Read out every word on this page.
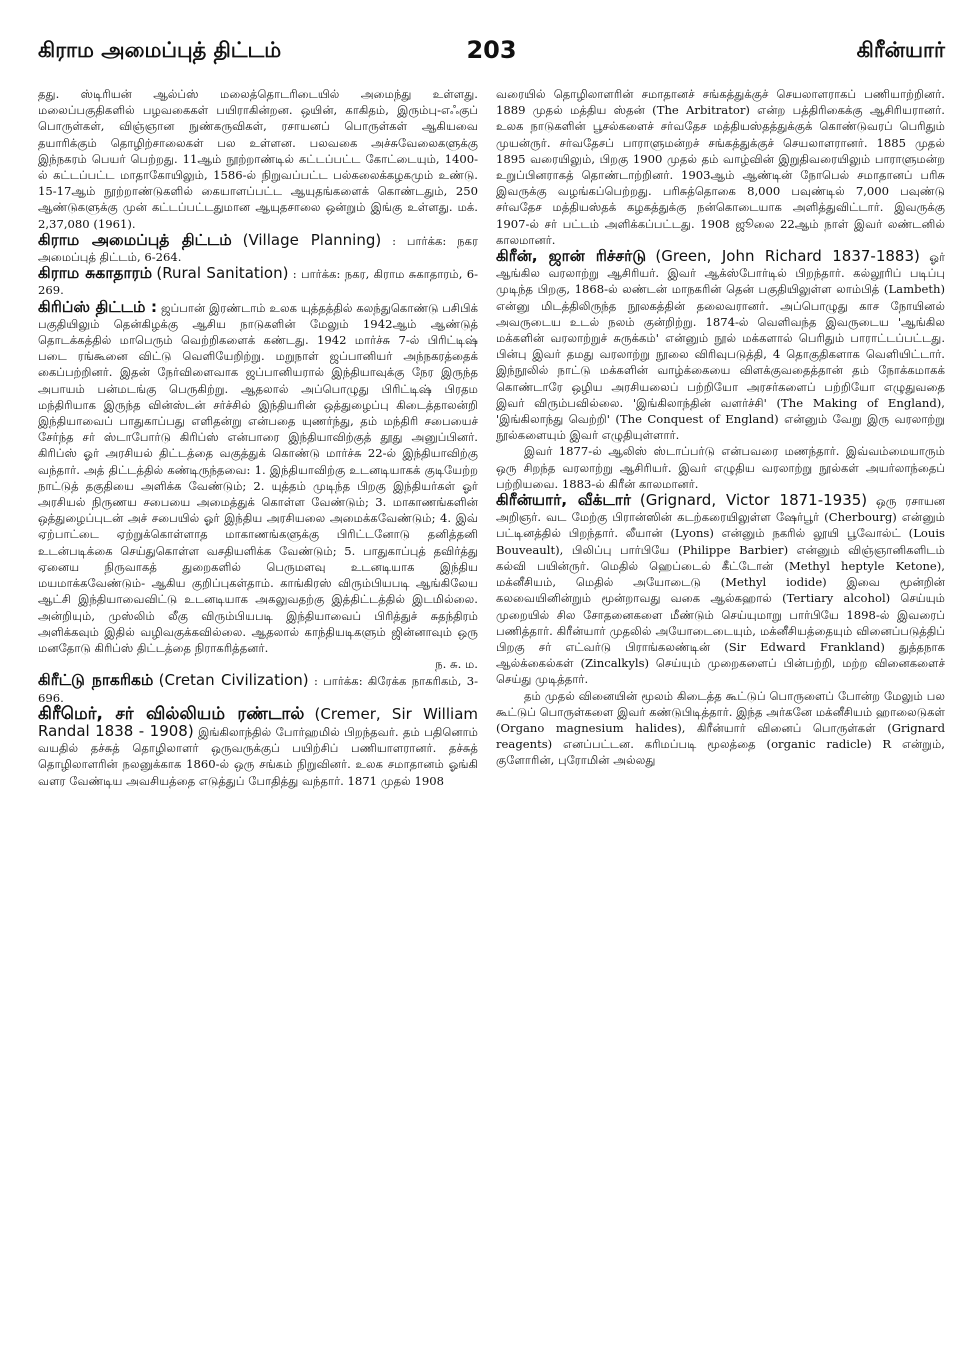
கிராம அமைப்புத் திட்டம்	203	கிரீன்யார்

தது. ஸ்டிரியன் ஆல்ப்ஸ் மலைத்தொடரிடையில் அமைந்து உள்ளது. மலைப்பகுதிகளில் பழவகைகள் பயிராகின்றன. ஒயின், காகிதம், இரும்பு-எஃகுப் பொருள்கள், விஞ்ஞான நுண்கருவிகள், ரசாயனப் பொருள்கள் ஆகியவை தயாரிக்கும் தொழிற்சாலைகள் பல உள்ளன. பலவகை அச்சுவேலைகளுக்கு இந்நகரம் பெயர் பெற்றது. 11ஆம் நூற்றாண்டில் கட்டப்பட்ட கோட்டையும், 1400-ல் கட்டப்பட்ட மாதாகோயிலும், 1586-ல் நிறுவப்பட்ட பல்கலைக்கழகமும் உண்டு. 15-17ஆம் நூற்றாண்டுகளில் கையாளப்பட்ட ஆயுதங்களைக் கொண்டதும், 250 ஆண்டுகளுக்கு முன் கட்டப்பட்டதுமான ஆயுதசாலை ஒன்றும் இங்கு உள்ளது. மக். 2,37,080 (1961).

கிராம அமைப்புத் திட்டம் (Village Planning) : பார்க்க: நகர அமைப்புத் திட்டம், 6-264.

கிராம சுகாதாரம் (Rural Sanitation) : பார்க்க: நகர, கிராம சுகாதாரம், 6-269.

கிரிப்ஸ் திட்டம் : ஜப்பான் இரண்டாம் உலக யுத்தத்தில் கலந்துகொண்டு பசிபிக் பகுதியிலும் தென்கிழக்கு ஆசிய நாடுகளின் மேலும் 1942ஆம் ஆண்டுத் தொடக்கத்தில் மாபெரும் வெற்றிகளைக் கண்டது. 1942 மார்ச்சு 7-ல் பிரிட்டிஷ் படை ரங்கூனை விட்டு வெளியேறிற்று. மறுநாள் ஜப்பானியர் அந்நகரத்தைக் கைப்பற்றினர். இதன் நேர்விளைவாக ஜப்பானியரால் இந்தியாவுக்கு நேர இருந்த அபாயம் பன்மடங்கு பெருகிற்று. ஆதலால் அப்பொழுது பிரிட்டிஷ் பிரதம மந்திரியாக இருந்த வின்ஸ்டன் சர்ச்சில் இந்தியரின் ஒத்துழைப்பு கிடைத்தாலன்றி இந்தியாவைப் பாதுகாப்பது எளிதன்று என்பதை யுணர்ந்து, தம் மந்திரி சபையைச் சேர்ந்த சர் ஸ்டாபோர்டு கிரிப்ஸ் என்பாரை இந்தியாவிற்குத் தூது அனுப்பினர். கிரிப்ஸ் ஓர் அரசியல் திட்டத்தை வகுத்துக் கொண்டு மார்ச்சு 22-ல் இந்தியாவிற்கு வந்தார். அத் திட்டத்தில் கண்டிருந்தவை: 1. இந்தியாவிற்கு உடனடியாகக் குடியேற்ற நாட்டுத் தகுதியை அளிக்க வேண்டும்; 2. யுத்தம் முடிந்த பிறகு இந்தியர்கள் ஓர் அரசியல் நிருணய சபையை அமைத்துக் கொள்ள வேண்டும்; 3. மாகாணங்களின் ஒத்துழைப்புடன் அச் சபையில் ஓர் இந்திய அரசியலை அமைக்கவேண்டும்; 4. இவ் ஏற்பாட்டை ஏற்றுக்கொள்ளாத மாகாணங்களுக்கு பிரிட்டனோடு தனித்தனி உடன்படிக்கை செய்துகொள்ள வசதியளிக்க வேண்டும்; 5. பாதுகாப்புத் தவிர்த்து ஏனைய நிருவாகத் துறைகளில் பெருமளவு உடனடியாக இந்திய மயமாக்கவேண்டும்- ஆகிய குறிப்புகள்தாம். காங்கிரஸ் விரும்பியபடி ஆங்கிலேய ஆட்சி இந்தியாவைவிட்டு உடனடியாக அகலுவதற்கு இத்திட்டத்தில் இடமில்லை. அன்றியும், முஸ்லிம் லீகு விரும்பியபடி இந்தியாவைப் பிரித்துச் சுதந்திரம் அளிக்கவும் இதில் வழிவகுக்கவில்லை. ஆதலால் காந்தியடிகளும் ஜின்னாவும் ஒரு மனதோடு கிரிப்ஸ் திட்டத்தை நிராகரித்தனர்.

ந. சு. ம.

கிரீட்டு நாகரிகம் (Cretan Civilization) : பார்க்க: கிரேக்க நாகரிகம், 3-696.

கிரீமெர், சர் வில்லியம் ரண்டால் (Cremer, Sir William Randal 1838 - 1908) இங்கிலாந்தில் போர்ஹமில் பிறந்தவர். தம் பதினொம் வயதில் தச்சுத் தொழிலாளர் ஒருவருக்குப் பயிற்சிப் பணியாளரானர். தச்சுத் தொழிலாளரின் நலனுக்காக 1860-ல் ஒரு சங்கம் நிறுவினர். உலக சமாதானம் ஓங்கி வளர வேண்டிய அவசியத்தை எடுத்துப் போதித்து வந்தார். 1871 முதல் 1908

வரையில் தொழிலாளரின் சமாதானச் சங்கத்துக்குச் செயலாளராகப் பணியாற்றினர். 1889 முதல் மத்திய ஸ்தன் (The Arbitrator) என்ற பத்திரிகைக்கு ஆசிரியரானர். உலக நாடுகளின் பூசல்களைச் சர்வதேச மத்தியஸ்தத்துக்குக் கொண்டுவரப் பெரிதும் முயன்ருர். சர்வதேசப் பாராளுமன்றச் சங்கத்துக்குச் செயலாளரானர். 1885 முதல் 1895 வரையிலும், பிறகு 1900 முதல் தம் வாழ்வின் இறுதிவரையிலும் பாராளுமன்ற உறுப்பினராகத் தொண்டாற்றினர். 1903ஆம் ஆண்டின் நோபெல் சமாதானப் பரிசு இவருக்கு வழங்கப்பெற்றது. பரிசுத்தொகை 8,000 பவுண்டில் 7,000 பவுண்டு சர்வதேச மத்தியஸ்தக் கழகத்துக்கு நன்கொடையாக அளித்துவிட்டார். இவருக்கு 1907-ல் சர் பட்டம் அளிக்கப்பட்டது. 1908 ஜூலை 22ஆம் நாள் இவர் லண்டனில் காலமானர்.

கிரீன், ஜான் ரிச்சர்டு (Green, John Richard 1837-1883) ஓர் ஆங்கில வரலாற்று ஆசிரியர். இவர் ஆக்ஸ்போர்டில் பிறந்தார். கல்லூரிப் படிப்பு முடிந்த பிறகு, 1868-ல் லண்டன் மாநகரின் தென் பகுதியிலுள்ள லாம்பித் (Lambeth) என்னு மிடத்திலிருந்த நூலகத்தின் தலைவரானர். அப்பொழுது காச நோயினல் அவருடைய உடல் நலம் குன்றிற்று. 1874-ல் வெளிவந்த இவருடைய 'ஆங்கில மக்களின் வரலாற்றுச் சுருக்கம்' என்னும் நூல் மக்களால் பெரிதும் பாராட்டப்பட்டது. பின்பு இவர் தமது வரலாற்று நூலை விரிவுபடுத்தி, 4 தொகுதிகளாக வெளியிட்டார். இந்நூலில் நாட்டு மக்களின் வாழ்க்கையை விளக்குவதைத்தான் தம் நோக்கமாகக் கொண்டாரே ஒழிய அரசியலைப் பற்றியோ அரசர்களைப் பற்றியோ எழுதுவதை இவர் விரும்பவில்லை. 'இங்கிலாந்தின் வளர்ச்சி' (The Making of England), 'இங்கிலாந்து வெற்றி' (The Conquest of England) என்னும் வேறு இரு வரலாற்று நூல்களையும் இவர் எழுதியுள்ளார்.

இவர் 1877-ல் ஆலிஸ் ஸ்டாப்பர்டு என்பவரை மணந்தார். இவ்வம்மையாரும் ஒரு சிறந்த வரலாற்று ஆசிரியர். இவர் எழுதிய வரலாற்று நூல்கள் அயர்லாந்தைப் பற்றியவை. 1883-ல் கிரீன் காலமானர்.

கிரீன்யார், வீக்டார் (Grignard, Victor 1871-1935) ஒரு ரசாயன அறிஞர். வட மேற்கு பிரான்ஸின் கடற்கரையிலுள்ள ஷேர்பூர் (Cherbourg) என்னும் பட்டினத்தில் பிறந்தார். லீயான் (Lyons) என்னும் நகரில் லூயி பூவோல்ட் (Louis Bouveault), பிலிப்பு பார்பியே (Philippe Barbier) என்னும் விஞ்ஞானிகளிடம் கல்வி பயின்ருர். மெதில் ஹெப்டைல் கீட்டோன் (Methyl heptyle Ketone), மக்னீசியம், மெதில் அயோடைடு (Methyl iodide) இவை மூன்றின் கலவையினின்றும் மூன்றாவது வகை ஆல்கஹால் (Tertiary alcohol) செய்யும் முறையில் சில சோதனைகளை மீண்டும் செய்யுமாறு பார்பியே 1898-ல் இவரைப் பணித்தார். கிரீன்யார் முதலில் அயோடைடையும், மக்னீசியத்தையும் வினைப்படுத்திப் பிறகு சர் எட்வர்டு பிராங்கலண்டின் (Sir Edward Frankland) துத்தநாக ஆல்க்கைல்கள் (Zincalkyls) செய்யும் முறைகளைப் பின்பற்றி, மற்ற வினைகளைச் செய்து முடித்தார்.

தம் முதல் வினையின் மூலம் கிடைத்த கூட்டுப் பொருளைப் போன்ற மேலும் பல கூட்டுப் பொருள்களை இவர் கண்டுபிடித்தார். இந்த அர்கனே மக்னீசியம் ஹாலைடுகள் (Organo magnesium halides), கிரீன்யார் வினைப் பொருள்கள் (Grignard reagents) எனப்பட்டன. கரிமப்படி மூலத்தை (organic radicle) R என்றும், குளோரின், புரோமின் அல்லது
